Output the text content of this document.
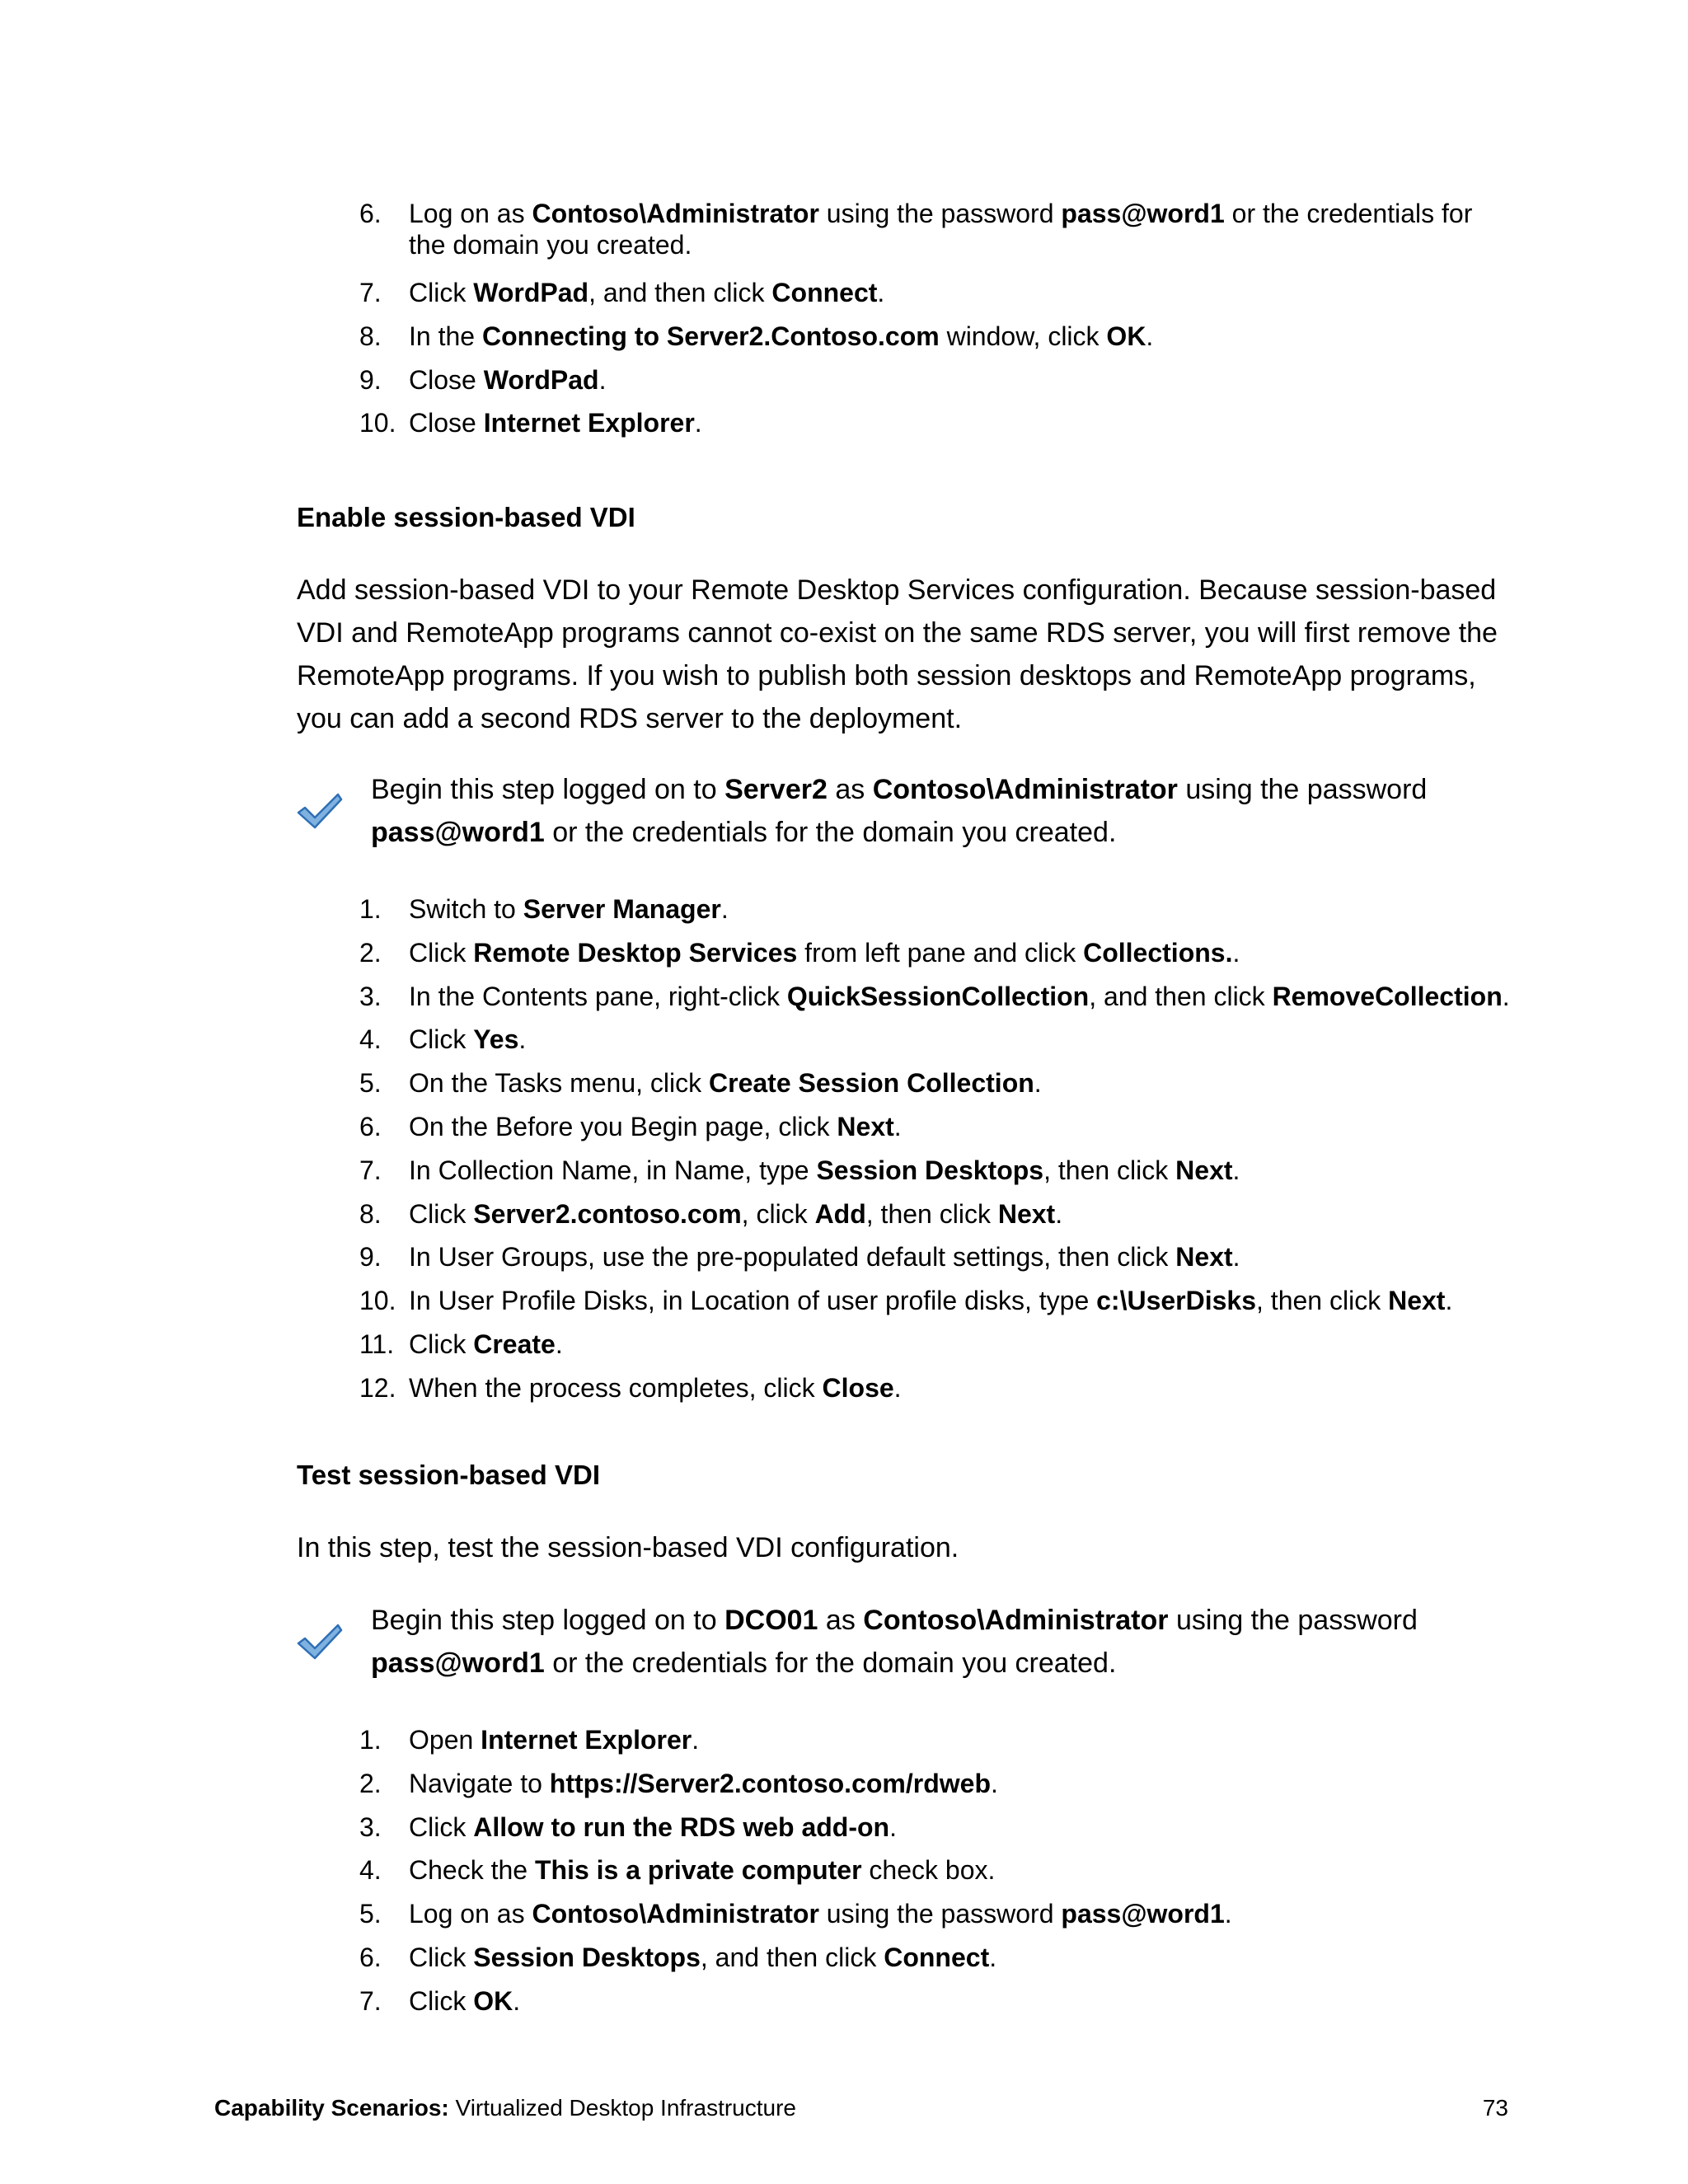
6. Log on as Contoso\Administrator using the password pass@word1 or the credentials for the domain you created.
7. Click WordPad, and then click Connect.
8. In the Connecting to Server2.Contoso.com window, click OK.
9. Close WordPad.
10. Close Internet Explorer.
Enable session-based VDI
Add session-based VDI to your Remote Desktop Services configuration. Because session-based VDI and RemoteApp programs cannot co-exist on the same RDS server, you will first remove the RemoteApp programs. If you wish to publish both session desktops and RemoteApp programs, you can add a second RDS server to the deployment.
Begin this step logged on to Server2 as Contoso\Administrator using the password pass@word1 or the credentials for the domain you created.
1. Switch to Server Manager.
2. Click Remote Desktop Services from left pane and click Collections..
3. In the Contents pane, right-click QuickSessionCollection, and then click RemoveCollection.
4. Click Yes.
5. On the Tasks menu, click Create Session Collection.
6. On the Before you Begin page, click Next.
7. In Collection Name, in Name, type Session Desktops, then click Next.
8. Click Server2.contoso.com, click Add, then click Next.
9. In User Groups, use the pre-populated default settings, then click Next.
10. In User Profile Disks, in Location of user profile disks, type c:\UserDisks, then click Next.
11. Click Create.
12. When the process completes, click Close.
Test session-based VDI
In this step, test the session-based VDI configuration.
Begin this step logged on to DCO01 as Contoso\Administrator using the password pass@word1 or the credentials for the domain you created.
1. Open Internet Explorer.
2. Navigate to https://Server2.contoso.com/rdweb.
3. Click Allow to run the RDS web add-on.
4. Check the This is a private computer check box.
5. Log on as Contoso\Administrator using the password pass@word1.
6. Click Session Desktops, and then click Connect.
7. Click OK.
Capability Scenarios: Virtualized Desktop Infrastructure	73
